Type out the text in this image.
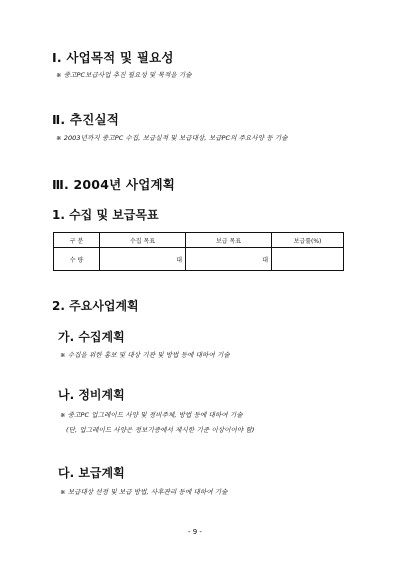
Ⅰ. 사업목적 및 필요성
※ 중고PC보급사업 추진 필요성 및 목적을 기술
Ⅱ. 추진실적
※ 2003년까지 중고PC 수집, 보급실적 및 보급대상, 보급PC의 주요사양 등 기술
Ⅲ. 2004년 사업계획
1. 수집 및 보급목표
구 분	수집 목표	보급 목표	보급률(%)
수 량	대	대	
2. 주요사업계획
가. 수집계획
※ 수집을 위한 홍보 및 대상 기관 및 방법 등에 대하여 기술
나. 정비계획
※ 중고PC 업그레이드 사양 및 정비주체, 방법 등에 대하여 기술
(단, 업그레이드 사양은 정보기증에서 제시한 기준 이상이어야 함)
다. 보급계획
※ 보급대상 선정 및 보급 방법, 사후관리 등에 대하여 기술
- 9 -
